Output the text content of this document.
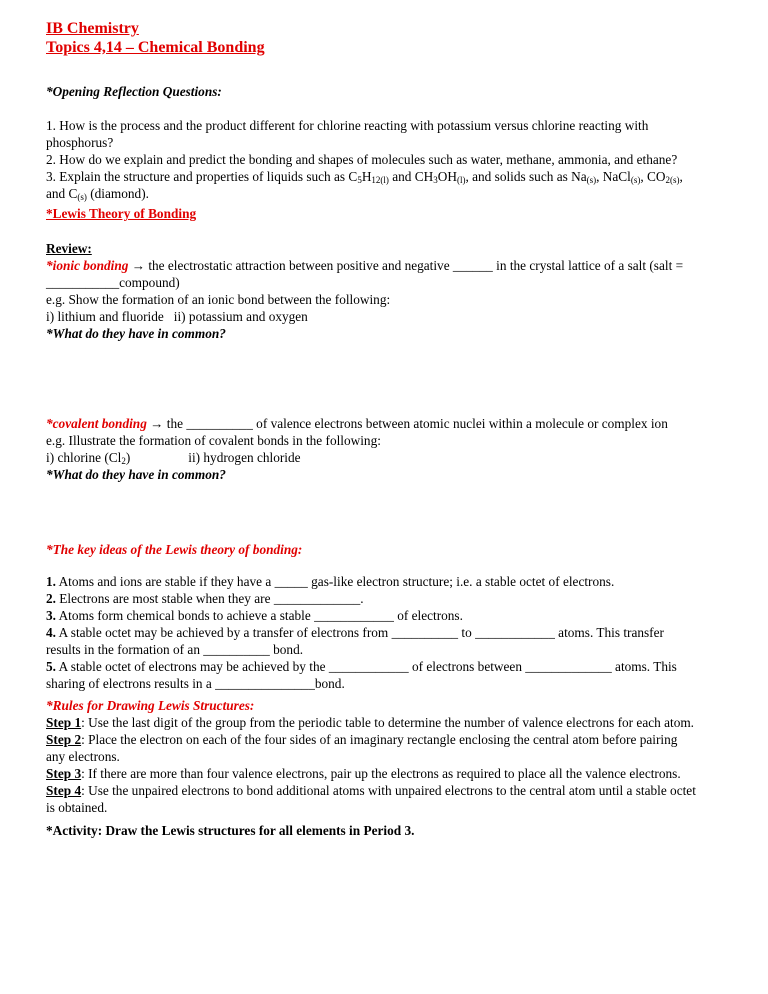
IB Chemistry
Topics 4,14 – Chemical Bonding
*Opening Reflection Questions:
1. How is the process and the product different for chlorine reacting with potassium versus chlorine reacting with
phosphorus?
2. How do we explain and predict the bonding and shapes of molecules such as water, methane, ammonia, and ethane?
3. Explain the structure and properties of liquids such as $C_5H_{12(l)}$ and $CH_3OH_{(l)}$, and solids such as $Na_{(s)}$, NaCl$_{(s)}$, $CO_{2(s)}$,
and $C_{(s)}$ (diamond).
*Lewis Theory of Bonding
Review:
*ionic bonding → the electrostatic attraction between positive and negative ______ in the crystal lattice of a salt (salt =
___________compound)
e.g. Show the formation of an ionic bond between the following:
i) lithium and fluoride   ii) potassium and oxygen
*What do they have in common?
*covalent bonding → the __________ of valence electrons between atomic nuclei within a molecule or complex ion
e.g. Illustrate the formation of covalent bonds in the following:
i) chlorine $(Cl_2)$	ii) hydrogen chloride
*What do they have in common?
*The key ideas of the Lewis theory of bonding:
1. Atoms and ions are stable if they have a _____ gas-like electron structure; i.e. a stable octet of electrons.
2. Electrons are most stable when they are _____________.
3. Atoms form chemical bonds to achieve a stable ____________ of electrons.
4. A stable octet may be achieved by a transfer of electrons from __________ to ____________ atoms. This transfer
results in the formation of an __________ bond.
5. A stable octet of electrons may be achieved by the ____________ of electrons between _____________ atoms. This
sharing of electrons results in a _______________bond.
*Rules for Drawing Lewis Structures:
Step 1: Use the last digit of the group from the periodic table to determine the number of valence electrons for each atom.
Step 2: Place the electron on each of the four sides of an imaginary rectangle enclosing the central atom before pairing
any electrons.
Step 3: If there are more than four valence electrons, pair up the electrons as required to place all the valence electrons.
Step 4: Use the unpaired electrons to bond additional atoms with unpaired electrons to the central atom until a stable octet
is obtained.
*Activity: Draw the Lewis structures for all elements in Period 3.
